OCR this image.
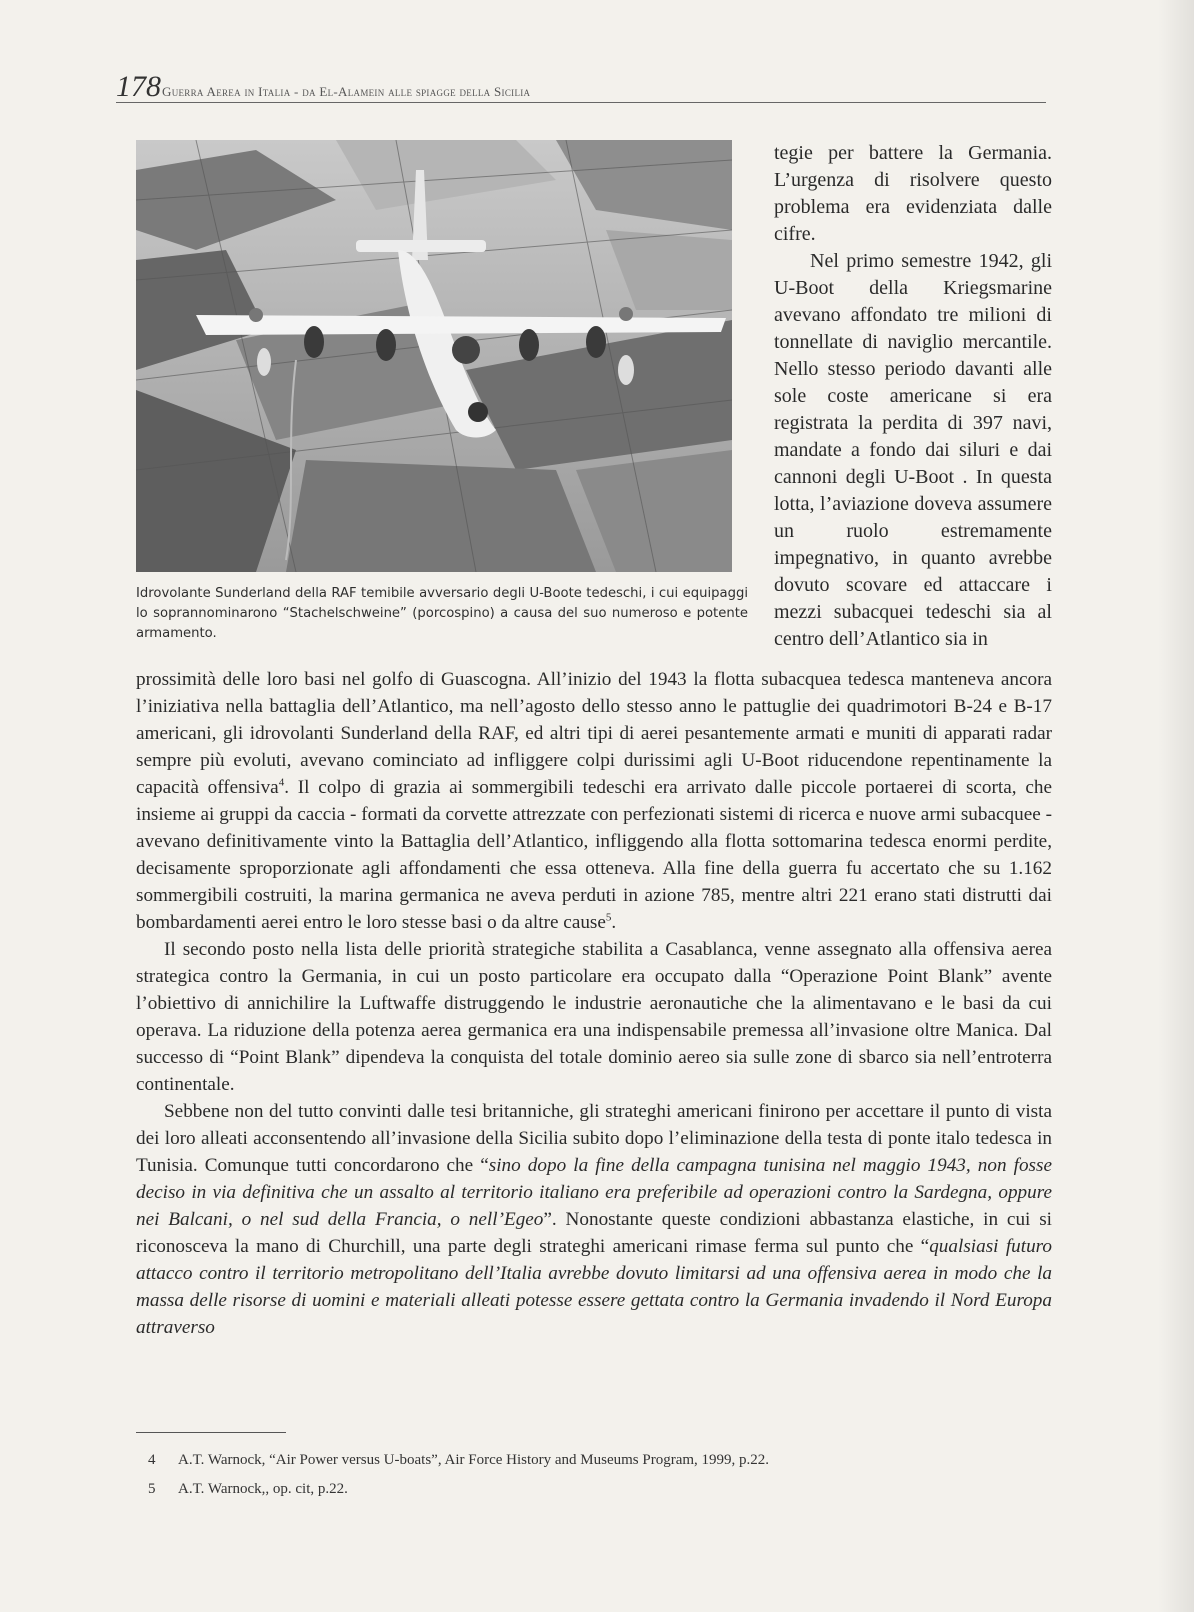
178 Guerra Aerea in Italia - da El-Alamein alle spiagge della Sicilia
Idrovolante Sunderland della RAF temibile avversario degli U-Boote tedeschi, i cui equipaggi lo soprannominarono “Stachelschweine” (porcospino) a causa del suo numeroso e potente armamento.

tegie per battere la Germania. L’urgenza di risolvere questo problema era evidenziata dalle cifre.

Nel primo semestre 1942, gli U-Boot della Kriegsmarine avevano affondato tre milioni di tonnellate di naviglio mercantile. Nello stesso periodo davanti alle sole coste americane si era registrata la perdita di 397 navi, mandate a fondo dai siluri e dai cannoni degli U-Boot . In questa lotta, l’aviazione doveva assumere un ruolo estremamente impegnativo, in quanto avrebbe dovuto scovare ed attaccare i mezzi subacquei tedeschi sia al centro dell’Atlantico sia in

prossimità delle loro basi nel golfo di Guascogna. All’inizio del 1943 la flotta subacquea tedesca manteneva ancora l’iniziativa nella battaglia dell’Atlantico, ma nell’agosto dello stesso anno le pattuglie dei quadrimotori B-24 e B-17 americani, gli idrovolanti Sunderland della RAF, ed altri tipi di aerei pesantemente armati e muniti di apparati radar sempre più evoluti, avevano cominciato ad infliggere colpi durissimi agli U-Boot riducendone repentinamente la capacità offensiva$^4$. Il colpo di grazia ai sommergibili tedeschi era arrivato dalle piccole portaerei di scorta, che insieme ai gruppi da caccia - formati da corvette attrezzate con perfezionati sistemi di ricerca e nuove armi subacquee - avevano definitivamente vinto la Battaglia dell’Atlantico, infliggendo alla flotta sottomarina tedesca enormi perdite, decisamente sproporzionate agli affondamenti che essa otteneva. Alla fine della guerra fu accertato che su 1.162 sommergibili costruiti, la marina germanica ne aveva perduti in azione 785, mentre altri 221 erano stati distrutti dai bombardamenti aerei entro le loro stesse basi o da altre cause$^5$.

Il secondo posto nella lista delle priorità strategiche stabilita a Casablanca, venne assegnato alla offensiva aerea strategica contro la Germania, in cui un posto particolare era occupato dalla “Operazione Point Blank” avente l’obiettivo di annichilire la Luftwaffe distruggendo le industrie aeronautiche che la alimentavano e le basi da cui operava. La riduzione della potenza aerea germanica era una indispensabile premessa all’invasione oltre Manica. Dal successo di “Point Blank” dipendeva la conquista del totale dominio aereo sia sulle zone di sbarco sia nell’entroterra continentale.

Sebbene non del tutto convinti dalle tesi britanniche, gli strateghi americani finirono per accettare il punto di vista dei loro alleati acconsentendo all’invasione della Sicilia subito dopo l’eliminazione della testa di ponte italo tedesca in Tunisia. Comunque tutti concordarono che “sino dopo la fine della campagna tunisina nel maggio 1943, non fosse deciso in via definitiva che un assalto al territorio italiano era preferibile ad operazioni contro la Sardegna, oppure nei Balcani, o nel sud della Francia, o nell’Egeo”. Nonostante queste condizioni abbastanza elastiche, in cui si riconosceva la mano di Churchill, una parte degli strateghi americani rimase ferma sul punto che “qualsiasi futuro attacco contro il territorio metropolitano dell’Italia avrebbe dovuto limitarsi ad una offensiva aerea in modo che la massa delle risorse di uomini e materiali alleati potesse essere gettata contro la Germania invadendo il Nord Europa attraverso

4	A.T. Warnock, “Air Power versus U-boats”, Air Force History and Museums Program, 1999, p.22.
5	A.T. Warnock,, op. cit, p.22.
